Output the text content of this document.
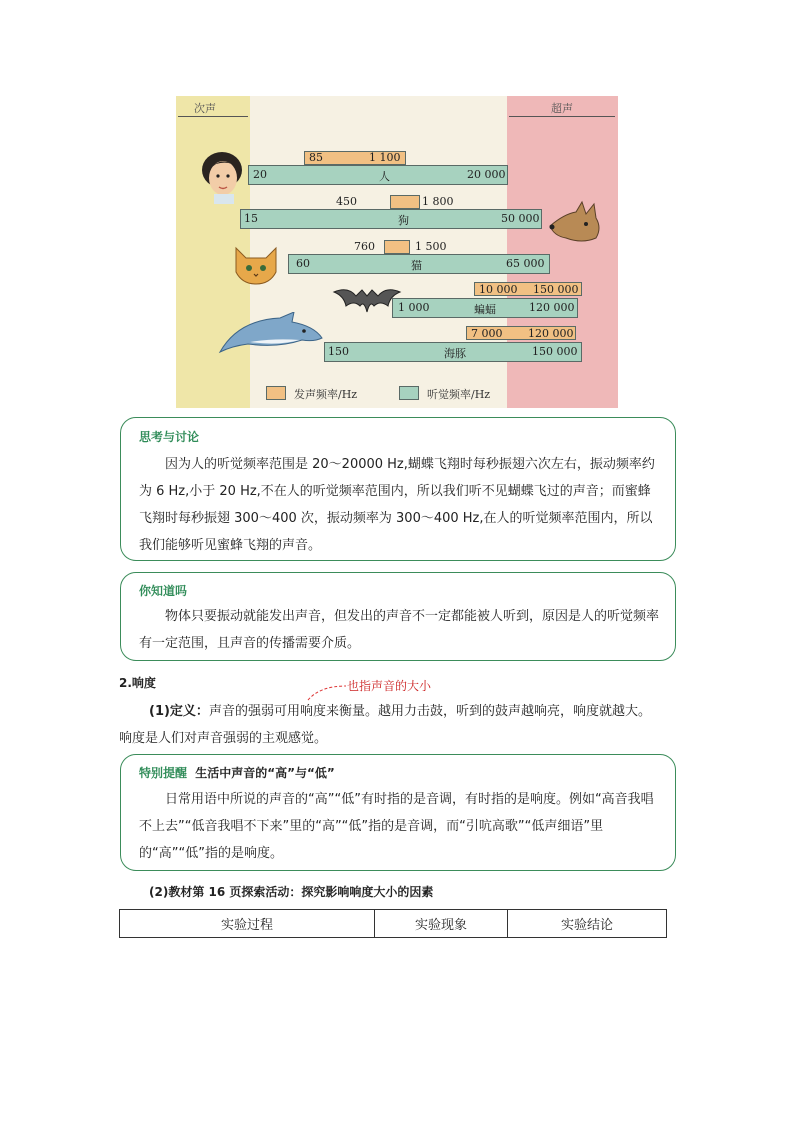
次声	超声
85	1 100
20	人	20 000
450	1 800
15	狗	50 000
760	1 500
60	猫	65 000
10 000 150 000
1 000	蝙蝠	120 000
7 000 120 000
150	海豚	150 000
发声频率/Hz	听觉频率/Hz
思考与讨论
因为人的听觉频率范围是 20～20000 Hz,蝴蝶飞翔时每秒振翅六次左右，振动频率约为 6 Hz,小于 20 Hz,不在人的听觉频率范围内，所以我们听不见蝴蝶飞过的声音；而蜜蜂飞翔时每秒振翅 300～400 次，振动频率为 300～400 Hz,在人的听觉频率范围内，所以我们能够听见蜜蜂飞翔的声音。
你知道吗
物体只要振动就能发出声音，但发出的声音不一定都能被人听到，原因是人的听觉频率有一定范围，且声音的传播需要介质。
2.响度	也指声音的大小
(1)定义：声音的强弱可用响度来衡量。越用力击鼓，听到的鼓声越响亮，响度就越大。
响度是人们对声音强弱的主观感觉。
特别提醒 生活中声音的“高”与“低”
日常用语中所说的声音的“高”“低”有时指的是音调，有时指的是响度。例如“高音我唱不上去”“低音我唱不下来”里的“高”“低”指的是音调，而“引吭高歌”“低声细语”里的“高”“低”指的是响度。
(2)教材第 16 页探索活动：探究影响响度大小的因素
实验过程	实验现象	实验结论
